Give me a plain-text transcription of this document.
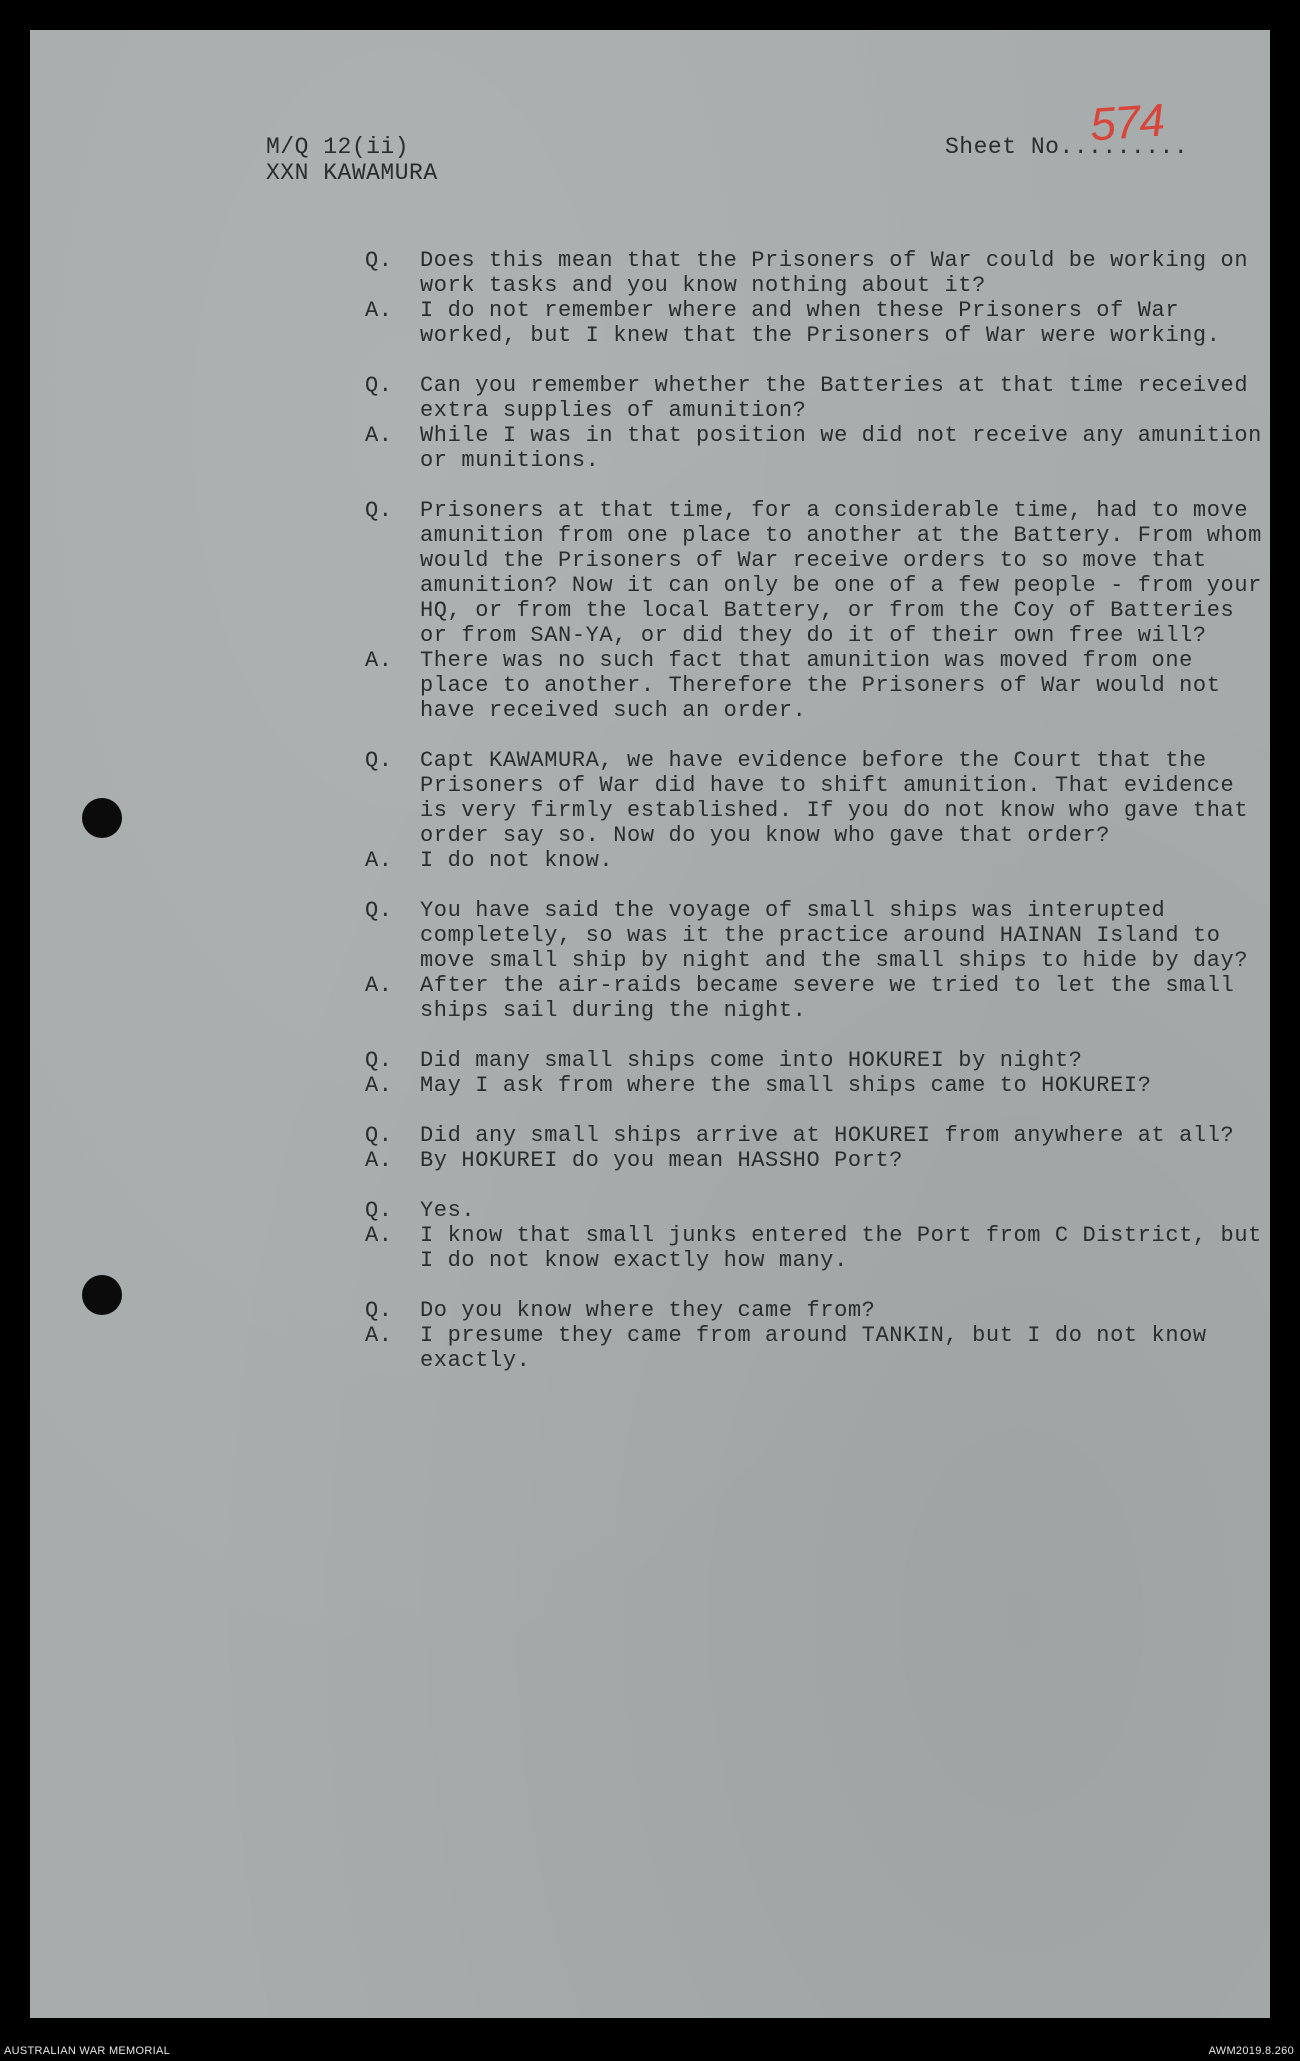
M/Q 12(ii)
XXN KAWAMURA
Sheet No.........
574
Q.	Does this mean that the Prisoners of War could be working on work tasks and you know nothing about it?
A.	I do not remember where and when these Prisoners of War worked, but I knew that the Prisoners of War were working.
Q.	Can you remember whether the Batteries at that time received extra supplies of amunition?
A.	While I was in that position we did not receive any amunition or munitions.
Q.	Prisoners at that time, for a considerable time, had to move amunition from one place to another at the Battery. From whom would the Prisoners of War receive orders to so move that amunition? Now it can only be one of a few people - from your HQ, or from the local Battery, or from the Coy of Batteries or from SAN-YA, or did they do it of their own free will?
A.	There was no such fact that amunition was moved from one place to another. Therefore the Prisoners of War would not have received such an order.
Q.	Capt KAWAMURA, we have evidence before the Court that the Prisoners of War did have to shift amunition. That evidence is very firmly established. If you do not know who gave that order say so. Now do you know who gave that order?
A.	I do not know.
Q.	You have said the voyage of small ships was interupted completely, so was it the practice around HAINAN Island to move small ship by night and the small ships to hide by day?
A.	After the air-raids became severe we tried to let the small ships sail during the night.
Q.	Did many small ships come into HOKUREI by night?
A.	May I ask from where the small ships came to HOKUREI?
Q.	Did any small ships arrive at HOKUREI from anywhere at all?
A.	By HOKUREI do you mean HASSHO Port?
Q.	Yes.
A.	I know that small junks entered the Port from C District, but I do not know exactly how many.
Q.	Do you know where they came from?
A.	I presume they came from around TANKIN, but I do not know exactly.
AUSTRALIAN WAR MEMORIAL	AWM2019.8.260
